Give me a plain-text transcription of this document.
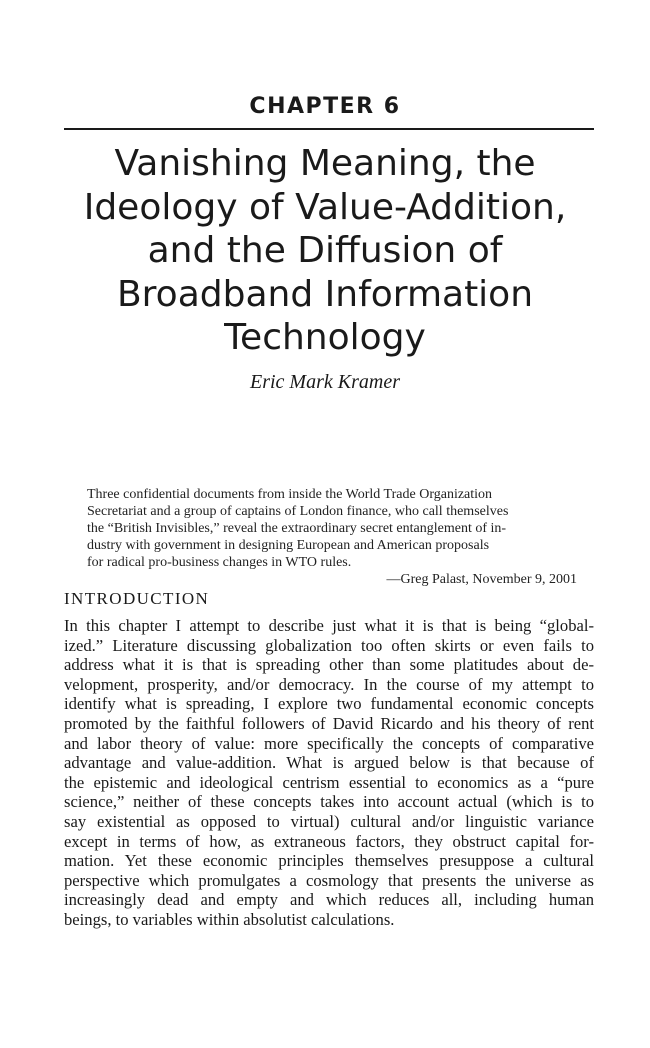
CHAPTER 6
Vanishing Meaning, the
Ideology of Value-Addition,
and the Diffusion of
Broadband Information
Technology

Eric Mark Kramer

Three confidential documents from inside the World Trade Organization
Secretariat and a group of captains of London finance, who call themselves
the “British Invisibles,” reveal the extraordinary secret entanglement of in-
dustry with government in designing European and American proposals
for radical pro-business changes in WTO rules.
—Greg Palast, November 9, 2001
INTRODUCTION

In this chapter I attempt to describe just what it is that is being “global-
ized.” Literature discussing globalization too often skirts or even fails to
address what it is that is spreading other than some platitudes about de-
velopment, prosperity, and/or democracy. In the course of my attempt to
identify what is spreading, I explore two fundamental economic concepts
promoted by the faithful followers of David Ricardo and his theory of rent
and labor theory of value: more specifically the concepts of comparative
advantage and value-addition. What is argued below is that because of
the epistemic and ideological centrism essential to economics as a “pure
science,” neither of these concepts takes into account actual (which is to
say existential as opposed to virtual) cultural and/or linguistic variance
except in terms of how, as extraneous factors, they obstruct capital for-
mation. Yet these economic principles themselves presuppose a cultural
perspective which promulgates a cosmology that presents the universe as
increasingly dead and empty and which reduces all, including human
beings, to variables within absolutist calculations.
